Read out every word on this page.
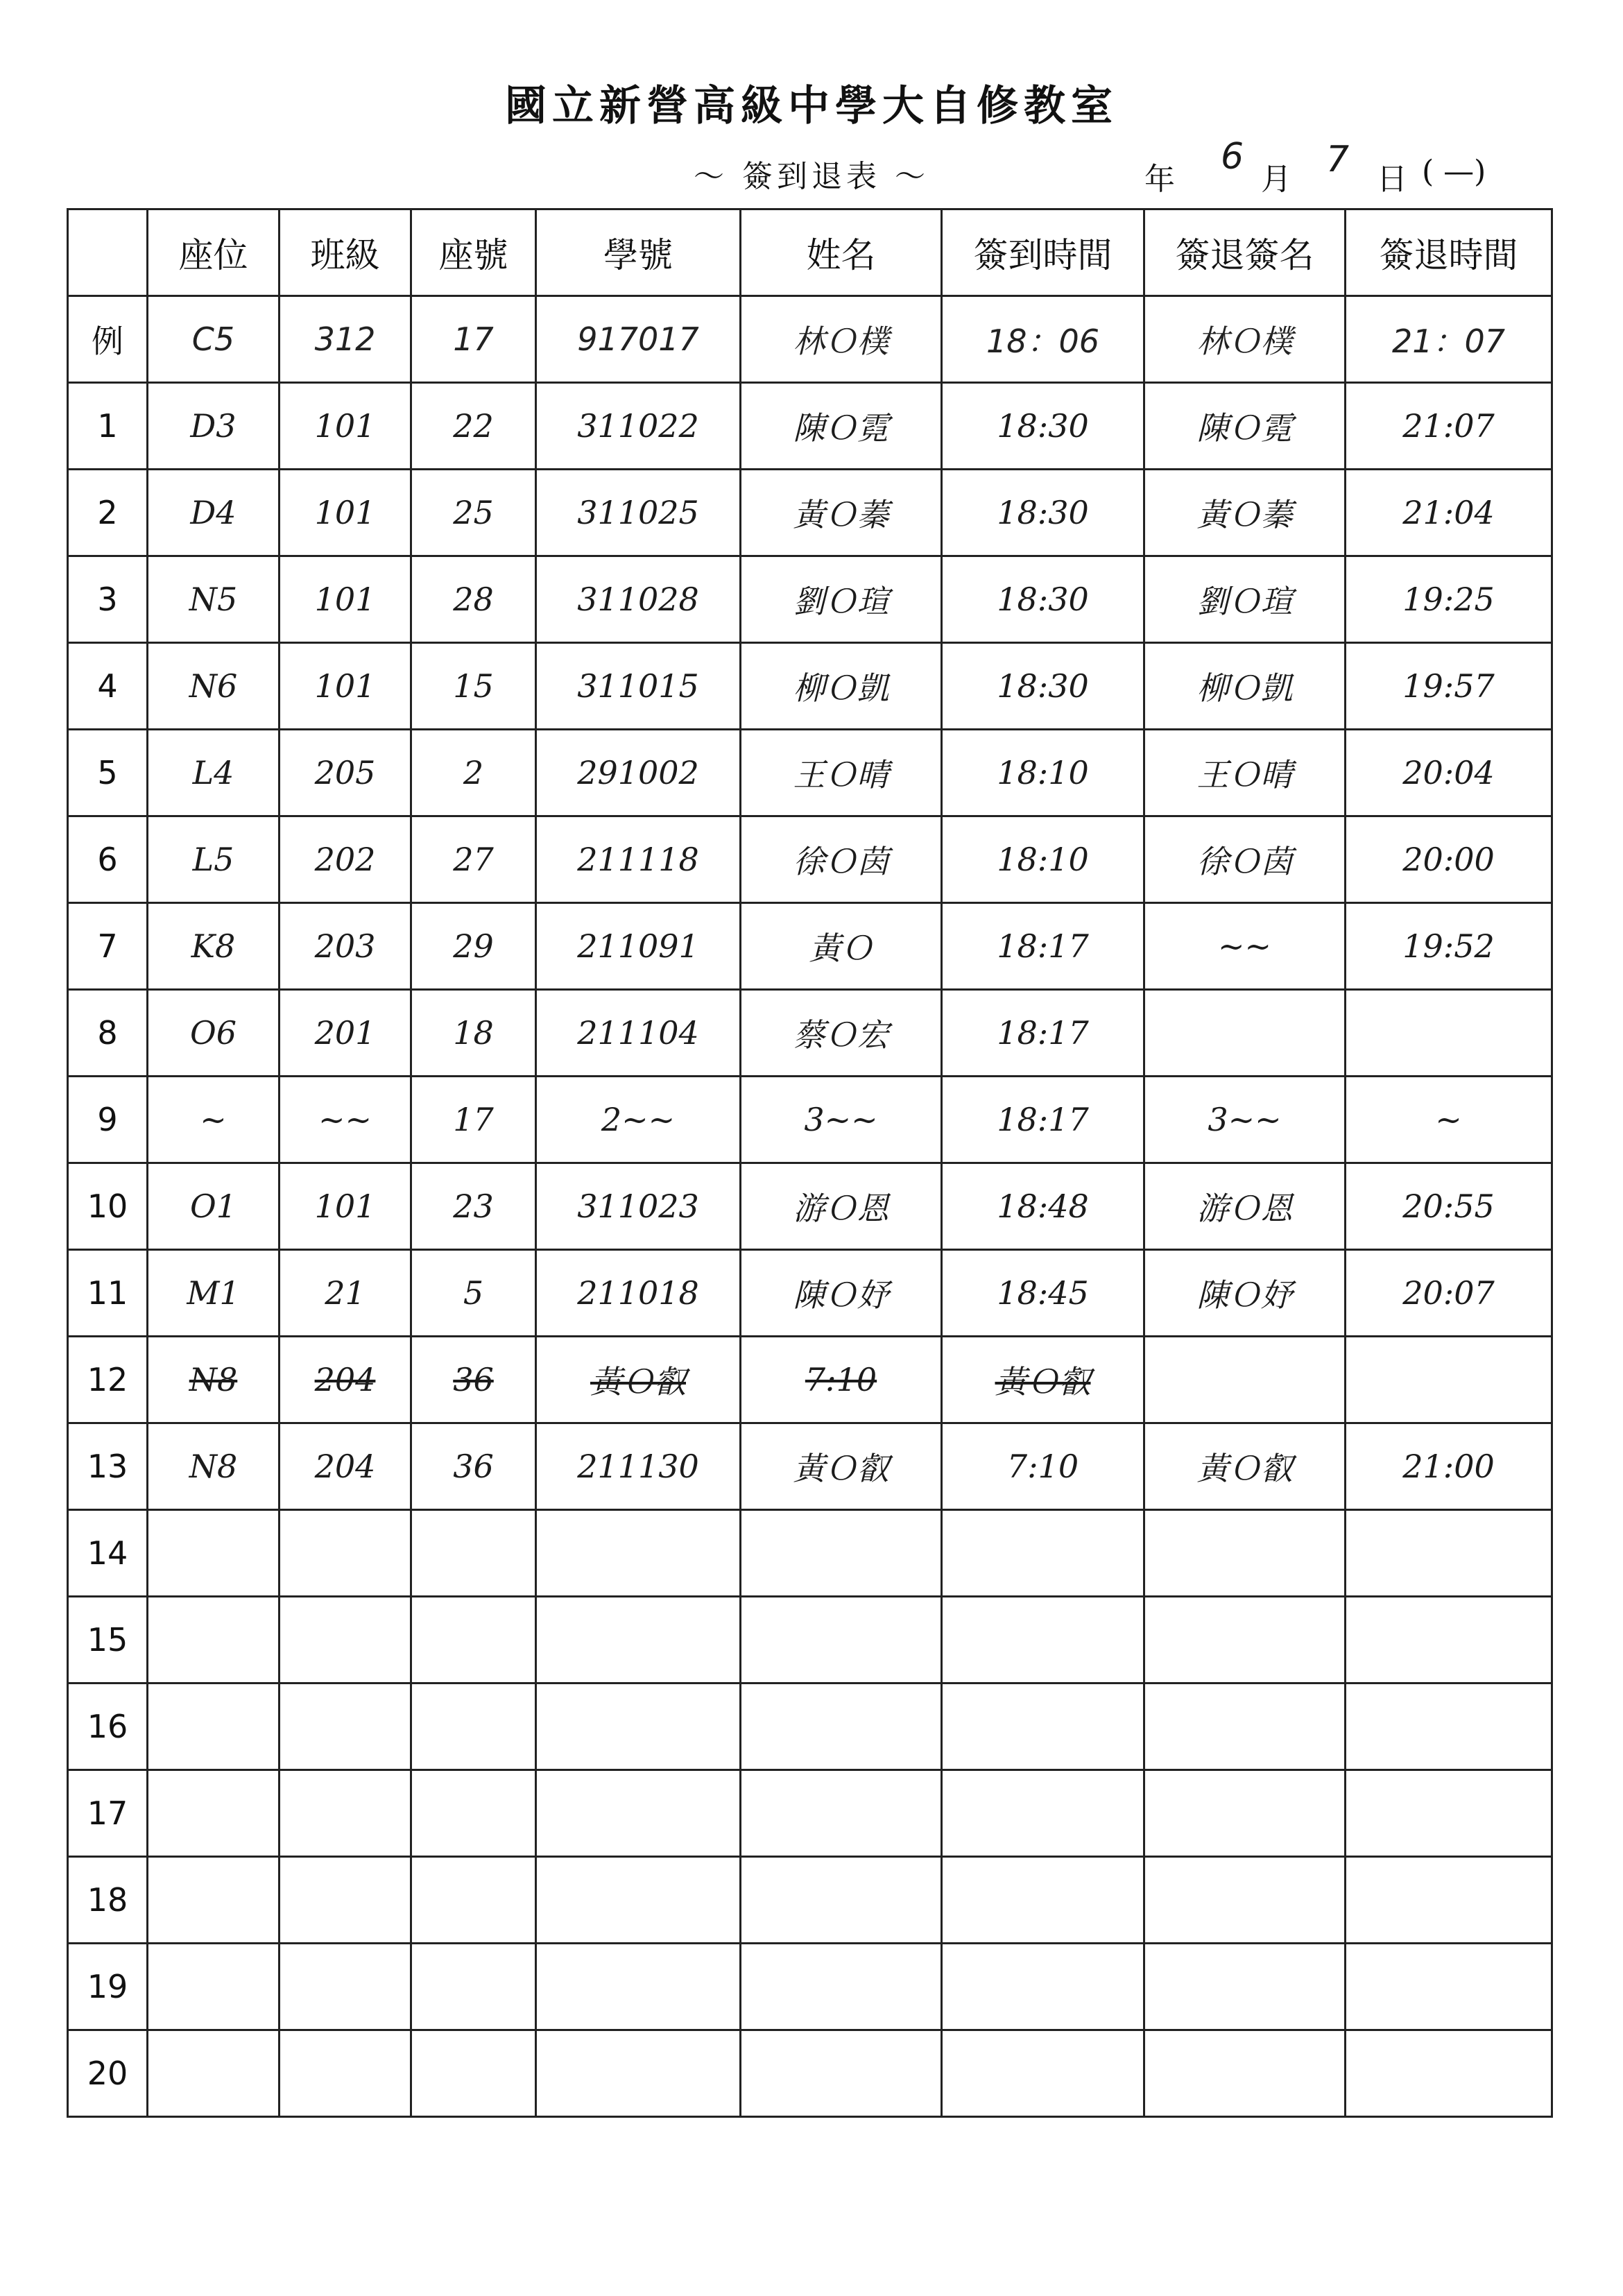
國立新營高級中學大自修教室
～ 簽到退表 ～	年
6
月 7 日 ( —)
	座位	班級	座號	學號	姓名	簽到時間	簽退簽名	簽退時間
例	C5	312	17	917017	林Ｏ樸	18：06	林Ｏ樸	21：07
1	D3	101	22	311022	陳Ｏ霓	18:30	陳Ｏ霓	21:07
2	D4	101	25	311025	黃Ｏ蓁	18:30	黃Ｏ蓁	21:04
3	N5	101	28	311028	劉Ｏ瑄	18:30	劉Ｏ瑄	19:25
4	N6	101	15	311015	柳Ｏ凱	18:30	柳Ｏ凱	19:57
5	L4	205	2	291002	王Ｏ晴	18:10	王Ｏ晴	20:04
6	L5	202	27	211118	徐Ｏ茵	18:10	徐Ｏ茵	20:00
7	K8	203	29	211091	黃Ｏ	18:17	~~	19:52
8	O6	201	18	211104	蔡Ｏ宏	18:17		
9	~	~~	17	2~~	3~~	18:17	3~~	~
10	O1	101	23	311023	游Ｏ恩	18:48	游Ｏ恩	20:55
11	M1	21	5	211018	陳Ｏ妤	18:45	陳Ｏ妤	20:07
12	N8	204	36	黃Ｏ叡	7:10	黃Ｏ叡		
13	N8	204	36	211130	黃Ｏ叡	7:10	黃Ｏ叡	21:00
14								
15								
16								
17								
18								
19								
20								
